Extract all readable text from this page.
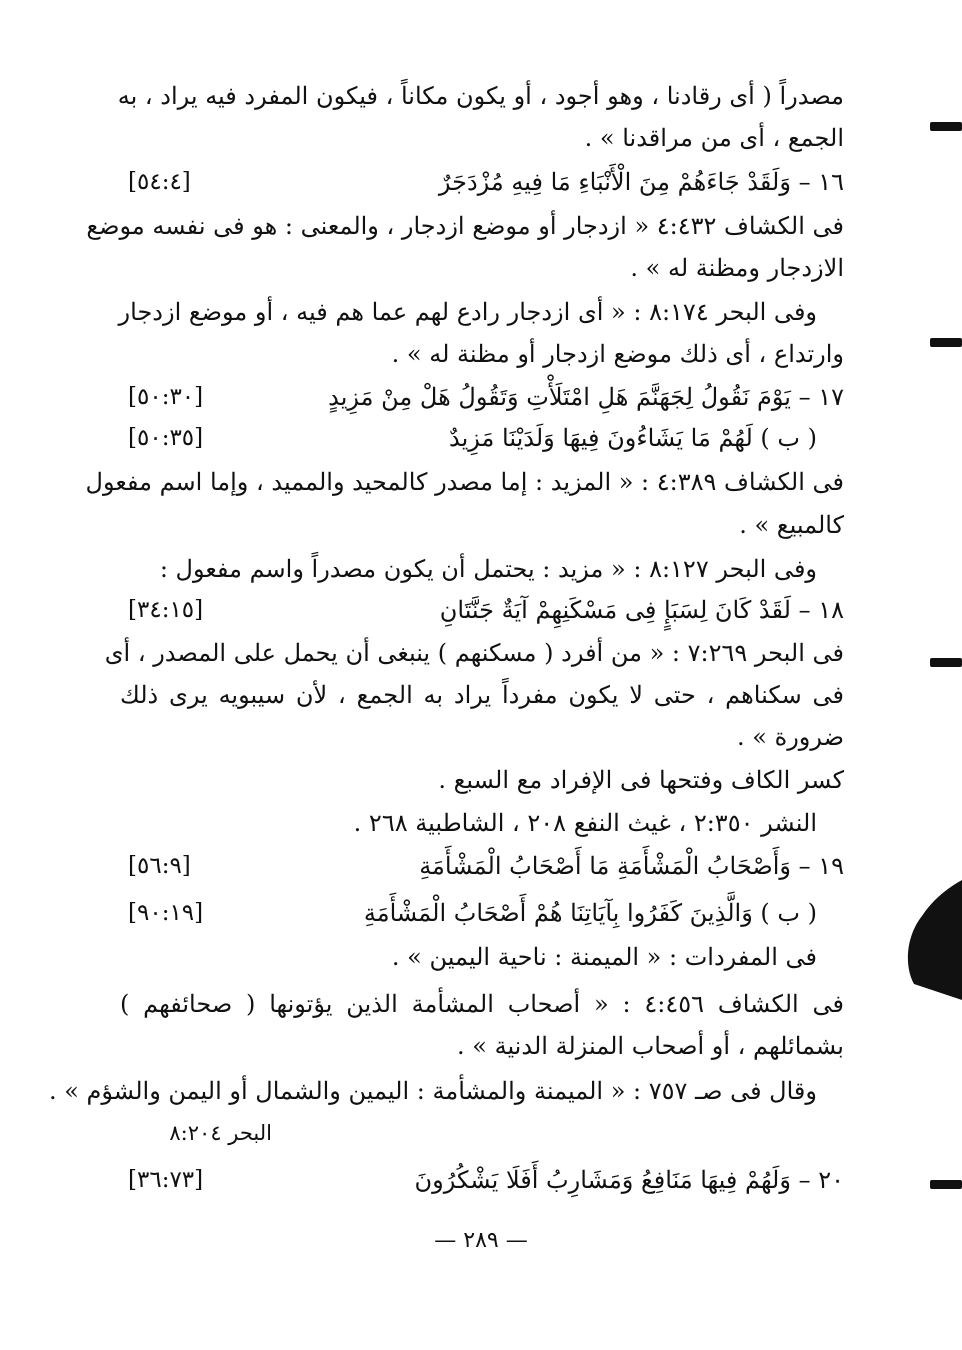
مصدراً ( أى رقادنا ، وهو أجود ، أو يكون مكاناً ، فيكون المفرد فيه يراد ، به
الجمع ، أى من مراقدنا » .
١٦ – وَلَقَدْ جَاءَهُمْ مِنَ الْأَنْبَاءِ مَا فِيهِ مُزْدَجَرٌ
[٥٤:٤]
فى الكشاف ٤:٤٣٢ « ازدجار أو موضع ازدجار ، والمعنى : هو فى نفسه موضع
الازدجار ومظنة له » .
وفى البحر ٨:١٧٤ : « أى ازدجار رادع لهم عما هم فيه ، أو موضع ازدجار
وارتداع ، أى ذلك موضع ازدجار أو مظنة له » .
١٧ – يَوْمَ نَقُولُ لِجَهَنَّمَ هَلِ امْتَلَأْتِ وَتَقُولُ هَلْ مِنْ مَزِيدٍ
[٥٠:٣٠]
( ب ) لَهُمْ مَا يَشَاءُونَ فِيهَا وَلَدَيْنَا مَزِيدٌ
[٥٠:٣٥]
فى الكشاف ٤:٣٨٩ : « المزيد : إما مصدر كالمحيد والمميد ، وإما اسم مفعول
كالمبيع » .
وفى البحر ٨:١٢٧ : « مزيد : يحتمل أن يكون مصدراً واسم مفعول :
١٨ – لَقَدْ كَانَ لِسَبَإٍ فِى مَسْكَنِهِمْ آيَةٌ جَنَّتَانِ
[٣٤:١٥]
فى البحر ٧:٢٦٩ : « من أفرد ( مسكنهم ) ينبغى أن يحمل على المصدر ، أى
فى سكناهم ، حتى لا يكون مفرداً يراد به الجمع ، لأن سيبويه يرى ذلك
ضرورة » .
كسر الكاف وفتحها فى الإفراد مع السبع .
النشر ٢:٣٥٠ ، غيث النفع ٢٠٨ ، الشاطبية ٢٦٨ .
١٩ – وَأَصْحَابُ الْمَشْأَمَةِ مَا أَصْحَابُ الْمَشْأَمَةِ
[٥٦:٩]
( ب ) وَالَّذِينَ كَفَرُوا بِآيَاتِنَا هُمْ أَصْحَابُ الْمَشْأَمَةِ
[٩٠:١٩]
فى المفردات : « الميمنة : ناحية اليمين » .
فى الكشاف ٤:٤٥٦ : « أصحاب المشأمة الذين يؤتونها ( صحائفهم )
بشمائلهم ، أو أصحاب المنزلة الدنية » .
وقال فى صـ ٧٥٧ : « الميمنة والمشأمة : اليمين والشمال أو اليمن والشؤم » .
البحر ٨:٢٠٤
٢٠ – وَلَهُمْ فِيهَا مَنَافِعُ وَمَشَارِبُ أَفَلَا يَشْكُرُونَ
[٣٦:٧٣]
— ٢٨٩ —
